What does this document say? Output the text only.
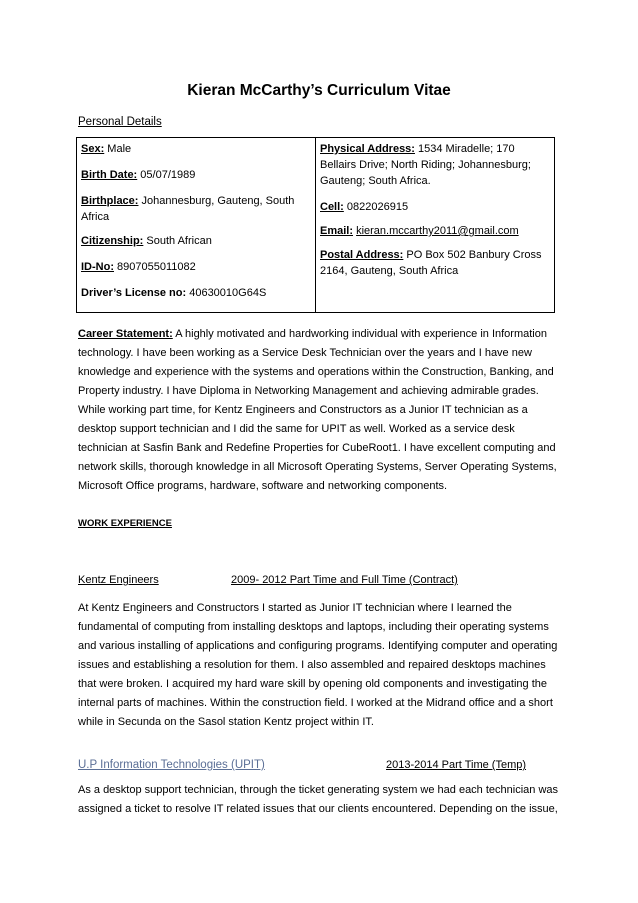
Kieran McCarthy’s Curriculum Vitae
Personal Details
Sex: Male
Birth Date: 05/07/1989
Birthplace: Johannesburg, Gauteng, South Africa
Citizenship: South African
ID-No: 8907055011082
Driver’s License no: 40630010G64S

Physical Address: 1534 Miradelle; 170 Bellairs Drive; North Riding; Johannesburg; Gauteng; South Africa.
Cell: 0822026915
Email: kieran.mccarthy2011@gmail.com
Postal Address: PO Box 502 Banbury Cross 2164, Gauteng, South Africa

Career Statement: A highly motivated and hardworking individual with experience in Information technology. I have been working as a Service Desk Technician over the years and I have new knowledge and experience with the systems and operations within the Construction, Banking, and Property industry. I have Diploma in Networking Management and achieving admirable grades. While working part time, for Kentz Engineers and Constructors as a Junior IT technician as a desktop support technician and I did the same for UPIT as well. Worked as a service desk technician at Sasfin Bank and Redefine Properties for CubeRoot1. I have excellent computing and network skills, thorough knowledge in all Microsoft Operating Systems, Server Operating Systems, Microsoft Office programs, hardware, software and networking components.

WORK EXPERIENCE
Kentz Engineers	2009- 2012 Part Time and Full Time (Contract)

At Kentz Engineers and Constructors I started as Junior IT technician where I learned the fundamental of computing from installing desktops and laptops, including their operating systems and various installing of applications and configuring programs. Identifying computer and operating issues and establishing a resolution for them. I also assembled and repaired desktops machines that were broken. I acquired my hard ware skill by opening old components and investigating the internal parts of machines. Within the construction field. I worked at the Midrand office and a short while in Secunda on the Sasol station Kentz project within IT.

U.P Information Technologies (UPIT)	2013-2014 Part Time (Temp)

As a desktop support technician, through the ticket generating system we had each technician was assigned a ticket to resolve IT related issues that our clients encountered. Depending on the issue,
